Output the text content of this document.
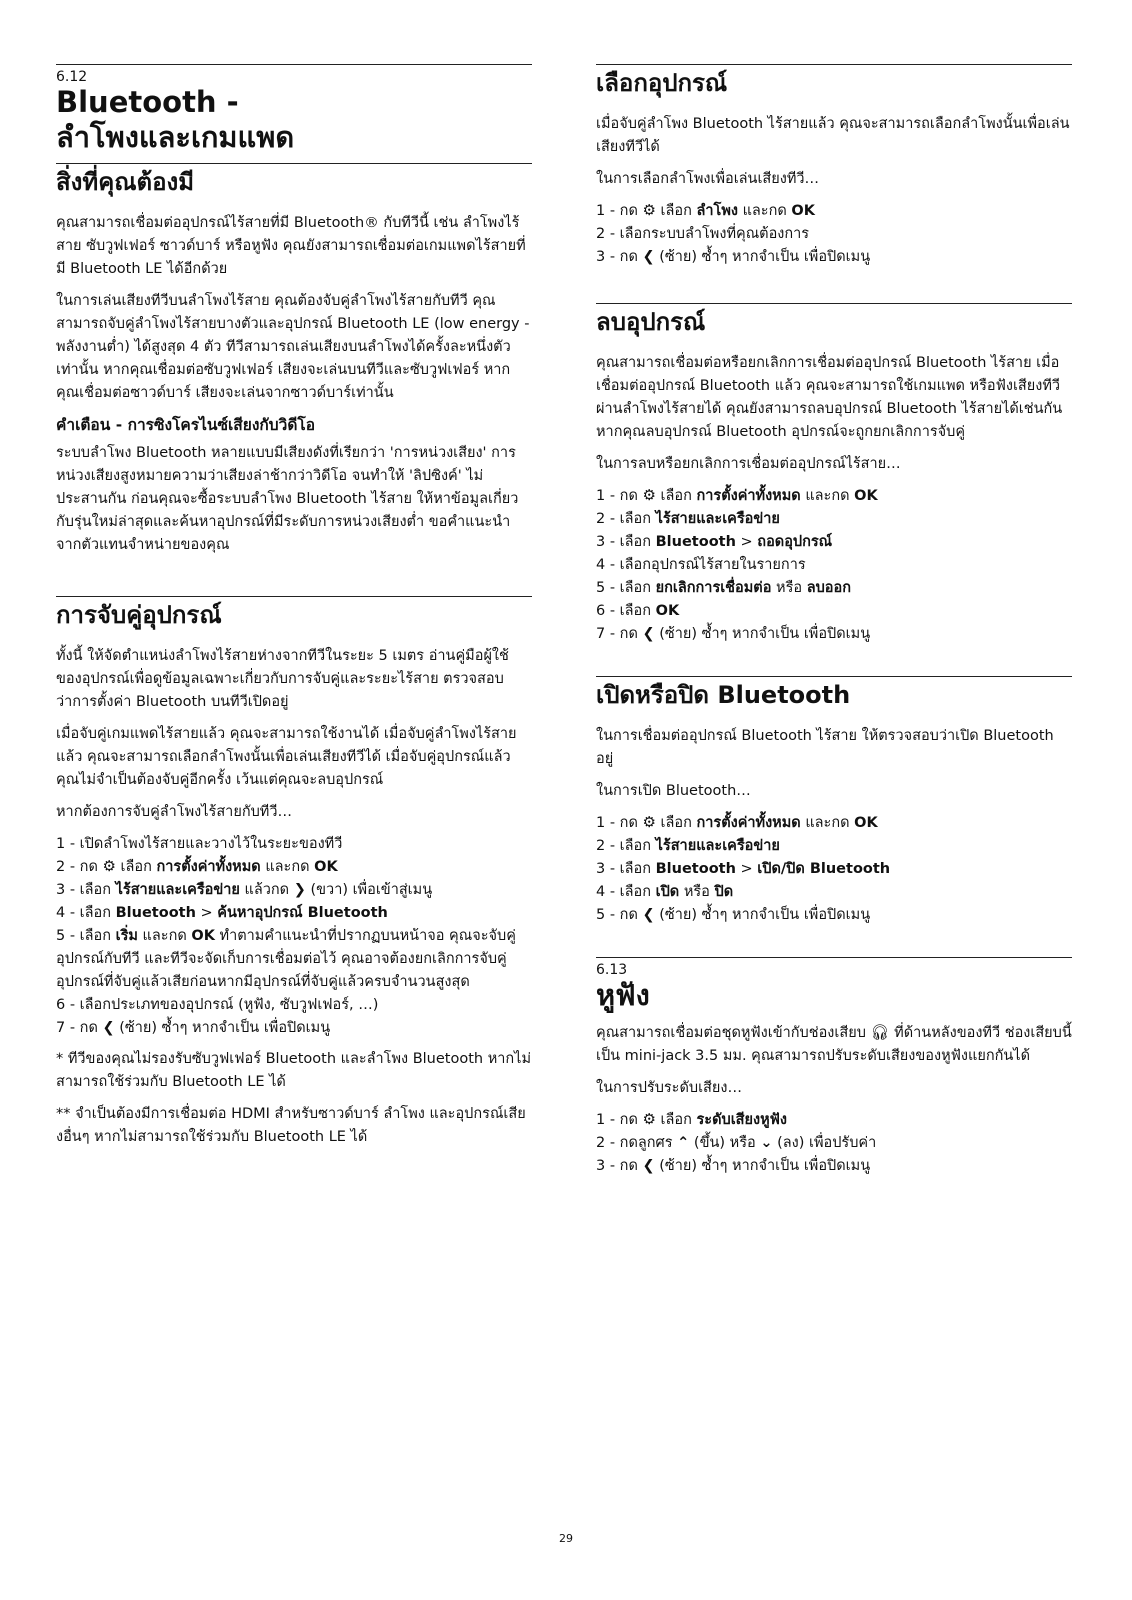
6.12
Bluetooth -
ลำโพงและเกมแพด
สิ่งที่คุณต้องมี

คุณสามารถเชื่อมต่ออุปกรณ์ไร้สายที่มี Bluetooth® กับทีวีนี้ เช่น ลำโพงไร้สาย ซับวูฟเฟอร์ ซาวด์บาร์ หรือหูฟัง คุณยังสามารถเชื่อมต่อเกมแพดไร้สายที่มี Bluetooth LE ได้อีกด้วย

ในการเล่นเสียงทีวีบนลำโพงไร้สาย คุณต้องจับคู่ลำโพงไร้สายกับทีวี คุณสามารถจับคู่ลำโพงไร้สายบางตัวและอุปกรณ์ Bluetooth LE (low energy - พลังงานต่ำ) ได้สูงสุด 4 ตัว ทีวีสามารถเล่นเสียงบนลำโพงได้ครั้งละหนึ่งตัวเท่านั้น หากคุณเชื่อมต่อซับวูฟเฟอร์ เสียงจะเล่นบนทีวีและซับวูฟเฟอร์ หากคุณเชื่อมต่อซาวด์บาร์ เสียงจะเล่นจากซาวด์บาร์เท่านั้น

คำเตือน - การซิงโครไนซ์เสียงกับวิดีโอ

ระบบลำโพง Bluetooth หลายแบบมีเสียงดังที่เรียกว่า 'การหน่วงเสียง' การหน่วงเสียงสูงหมายความว่าเสียงล่าช้ากว่าวิดีโอ จนทำให้ 'ลิปซิงค์' ไม่ประสานกัน ก่อนคุณจะซื้อระบบลำโพง Bluetooth ไร้สาย ให้หาข้อมูลเกี่ยวกับรุ่นใหม่ล่าสุดและค้นหาอุปกรณ์ที่มีระดับการหน่วงเสียงต่ำ ขอคำแนะนำจากตัวแทนจำหน่ายของคุณ

การจับคู่อุปกรณ์

ทั้งนี้ ให้จัดตำแหน่งลำโพงไร้สายห่างจากทีวีในระยะ 5 เมตร อ่านคู่มือผู้ใช้ของอุปกรณ์เพื่อดูข้อมูลเฉพาะเกี่ยวกับการจับคู่และระยะไร้สาย ตรวจสอบว่าการตั้งค่า Bluetooth บนทีวีเปิดอยู่

เมื่อจับคู่เกมแพดไร้สายแล้ว คุณจะสามารถใช้งานได้ เมื่อจับคู่ลำโพงไร้สายแล้ว คุณจะสามารถเลือกลำโพงนั้นเพื่อเล่นเสียงทีวีได้ เมื่อจับคู่อุปกรณ์แล้ว คุณไม่จำเป็นต้องจับคู่อีกครั้ง เว้นแต่คุณจะลบอุปกรณ์

หากต้องการจับคู่ลำโพงไร้สายกับทีวี…

1 - เปิดลำโพงไร้สายและวางไว้ในระยะของทีวี
2 - กด ⚙ เลือก การตั้งค่าทั้งหมด และกด OK
3 - เลือก ไร้สายและเครือข่าย แล้วกด ❯ (ขวา) เพื่อเข้าสู่เมนู
4 - เลือก Bluetooth > ค้นหาอุปกรณ์ Bluetooth
5 - เลือก เริ่ม และกด OK ทำตามคำแนะนำที่ปรากฏบนหน้าจอ คุณจะจับคู่อุปกรณ์กับทีวี และทีวีจะจัดเก็บการเชื่อมต่อไว้ คุณอาจต้องยกเลิกการจับคู่อุปกรณ์ที่จับคู่แล้วเสียก่อนหากมีอุปกรณ์ที่จับคู่แล้วครบจำนวนสูงสุด
6 - เลือกประเภทของอุปกรณ์ (หูฟัง, ซับวูฟเฟอร์, …)
7 - กด ❮ (ซ้าย) ซ้ำๆ หากจำเป็น เพื่อปิดเมนู

* ทีวีของคุณไม่รองรับซับวูฟเฟอร์ Bluetooth และลำโพง Bluetooth หากไม่สามารถใช้ร่วมกับ Bluetooth LE ได้

** จำเป็นต้องมีการเชื่อมต่อ HDMI สำหรับซาวด์บาร์ ลำโพง และอุปกรณ์เสียงอื่นๆ หากไม่สามารถใช้ร่วมกับ Bluetooth LE ได้

เลือกอุปกรณ์

เมื่อจับคู่ลำโพง Bluetooth ไร้สายแล้ว คุณจะสามารถเลือกลำโพงนั้นเพื่อเล่นเสียงทีวีได้

ในการเลือกลำโพงเพื่อเล่นเสียงทีวี…

1 - กด ⚙ เลือก ลำโพง และกด OK
2 - เลือกระบบลำโพงที่คุณต้องการ
3 - กด ❮ (ซ้าย) ซ้ำๆ หากจำเป็น เพื่อปิดเมนู
ลบอุปกรณ์

คุณสามารถเชื่อมต่อหรือยกเลิกการเชื่อมต่ออุปกรณ์ Bluetooth ไร้สาย เมื่อเชื่อมต่ออุปกรณ์ Bluetooth แล้ว คุณจะสามารถใช้เกมแพด หรือฟังเสียงทีวีผ่านลำโพงไร้สายได้ คุณยังสามารถลบอุปกรณ์ Bluetooth ไร้สายได้เช่นกัน หากคุณลบอุปกรณ์ Bluetooth อุปกรณ์จะถูกยกเลิกการจับคู่

ในการลบหรือยกเลิกการเชื่อมต่ออุปกรณ์ไร้สาย…

1 - กด ⚙ เลือก การตั้งค่าทั้งหมด และกด OK
2 - เลือก ไร้สายและเครือข่าย
3 - เลือก Bluetooth > ถอดอุปกรณ์
4 - เลือกอุปกรณ์ไร้สายในรายการ
5 - เลือก ยกเลิกการเชื่อมต่อ หรือ ลบออก
6 - เลือก OK
7 - กด ❮ (ซ้าย) ซ้ำๆ หากจำเป็น เพื่อปิดเมนู
เปิดหรือปิด Bluetooth

ในการเชื่อมต่ออุปกรณ์ Bluetooth ไร้สาย ให้ตรวจสอบว่าเปิด Bluetooth อยู่

ในการเปิด Bluetooth…

1 - กด ⚙ เลือก การตั้งค่าทั้งหมด และกด OK
2 - เลือก ไร้สายและเครือข่าย
3 - เลือก Bluetooth > เปิด/ปิด Bluetooth
4 - เลือก เปิด หรือ ปิด
5 - กด ❮ (ซ้าย) ซ้ำๆ หากจำเป็น เพื่อปิดเมนู
6.13
หูฟัง

คุณสามารถเชื่อมต่อชุดหูฟังเข้ากับช่องเสียบ 🎧︎ ที่ด้านหลังของทีวี ช่องเสียบนี้เป็น mini-jack 3.5 มม. คุณสามารถปรับระดับเสียงของหูฟังแยกกันได้

ในการปรับระดับเสียง…

1 - กด ⚙ เลือก ระดับเสียงหูฟัง
2 - กดลูกศร ⌃ (ขึ้น) หรือ ⌄ (ลง) เพื่อปรับค่า
3 - กด ❮ (ซ้าย) ซ้ำๆ หากจำเป็น เพื่อปิดเมนู
29
